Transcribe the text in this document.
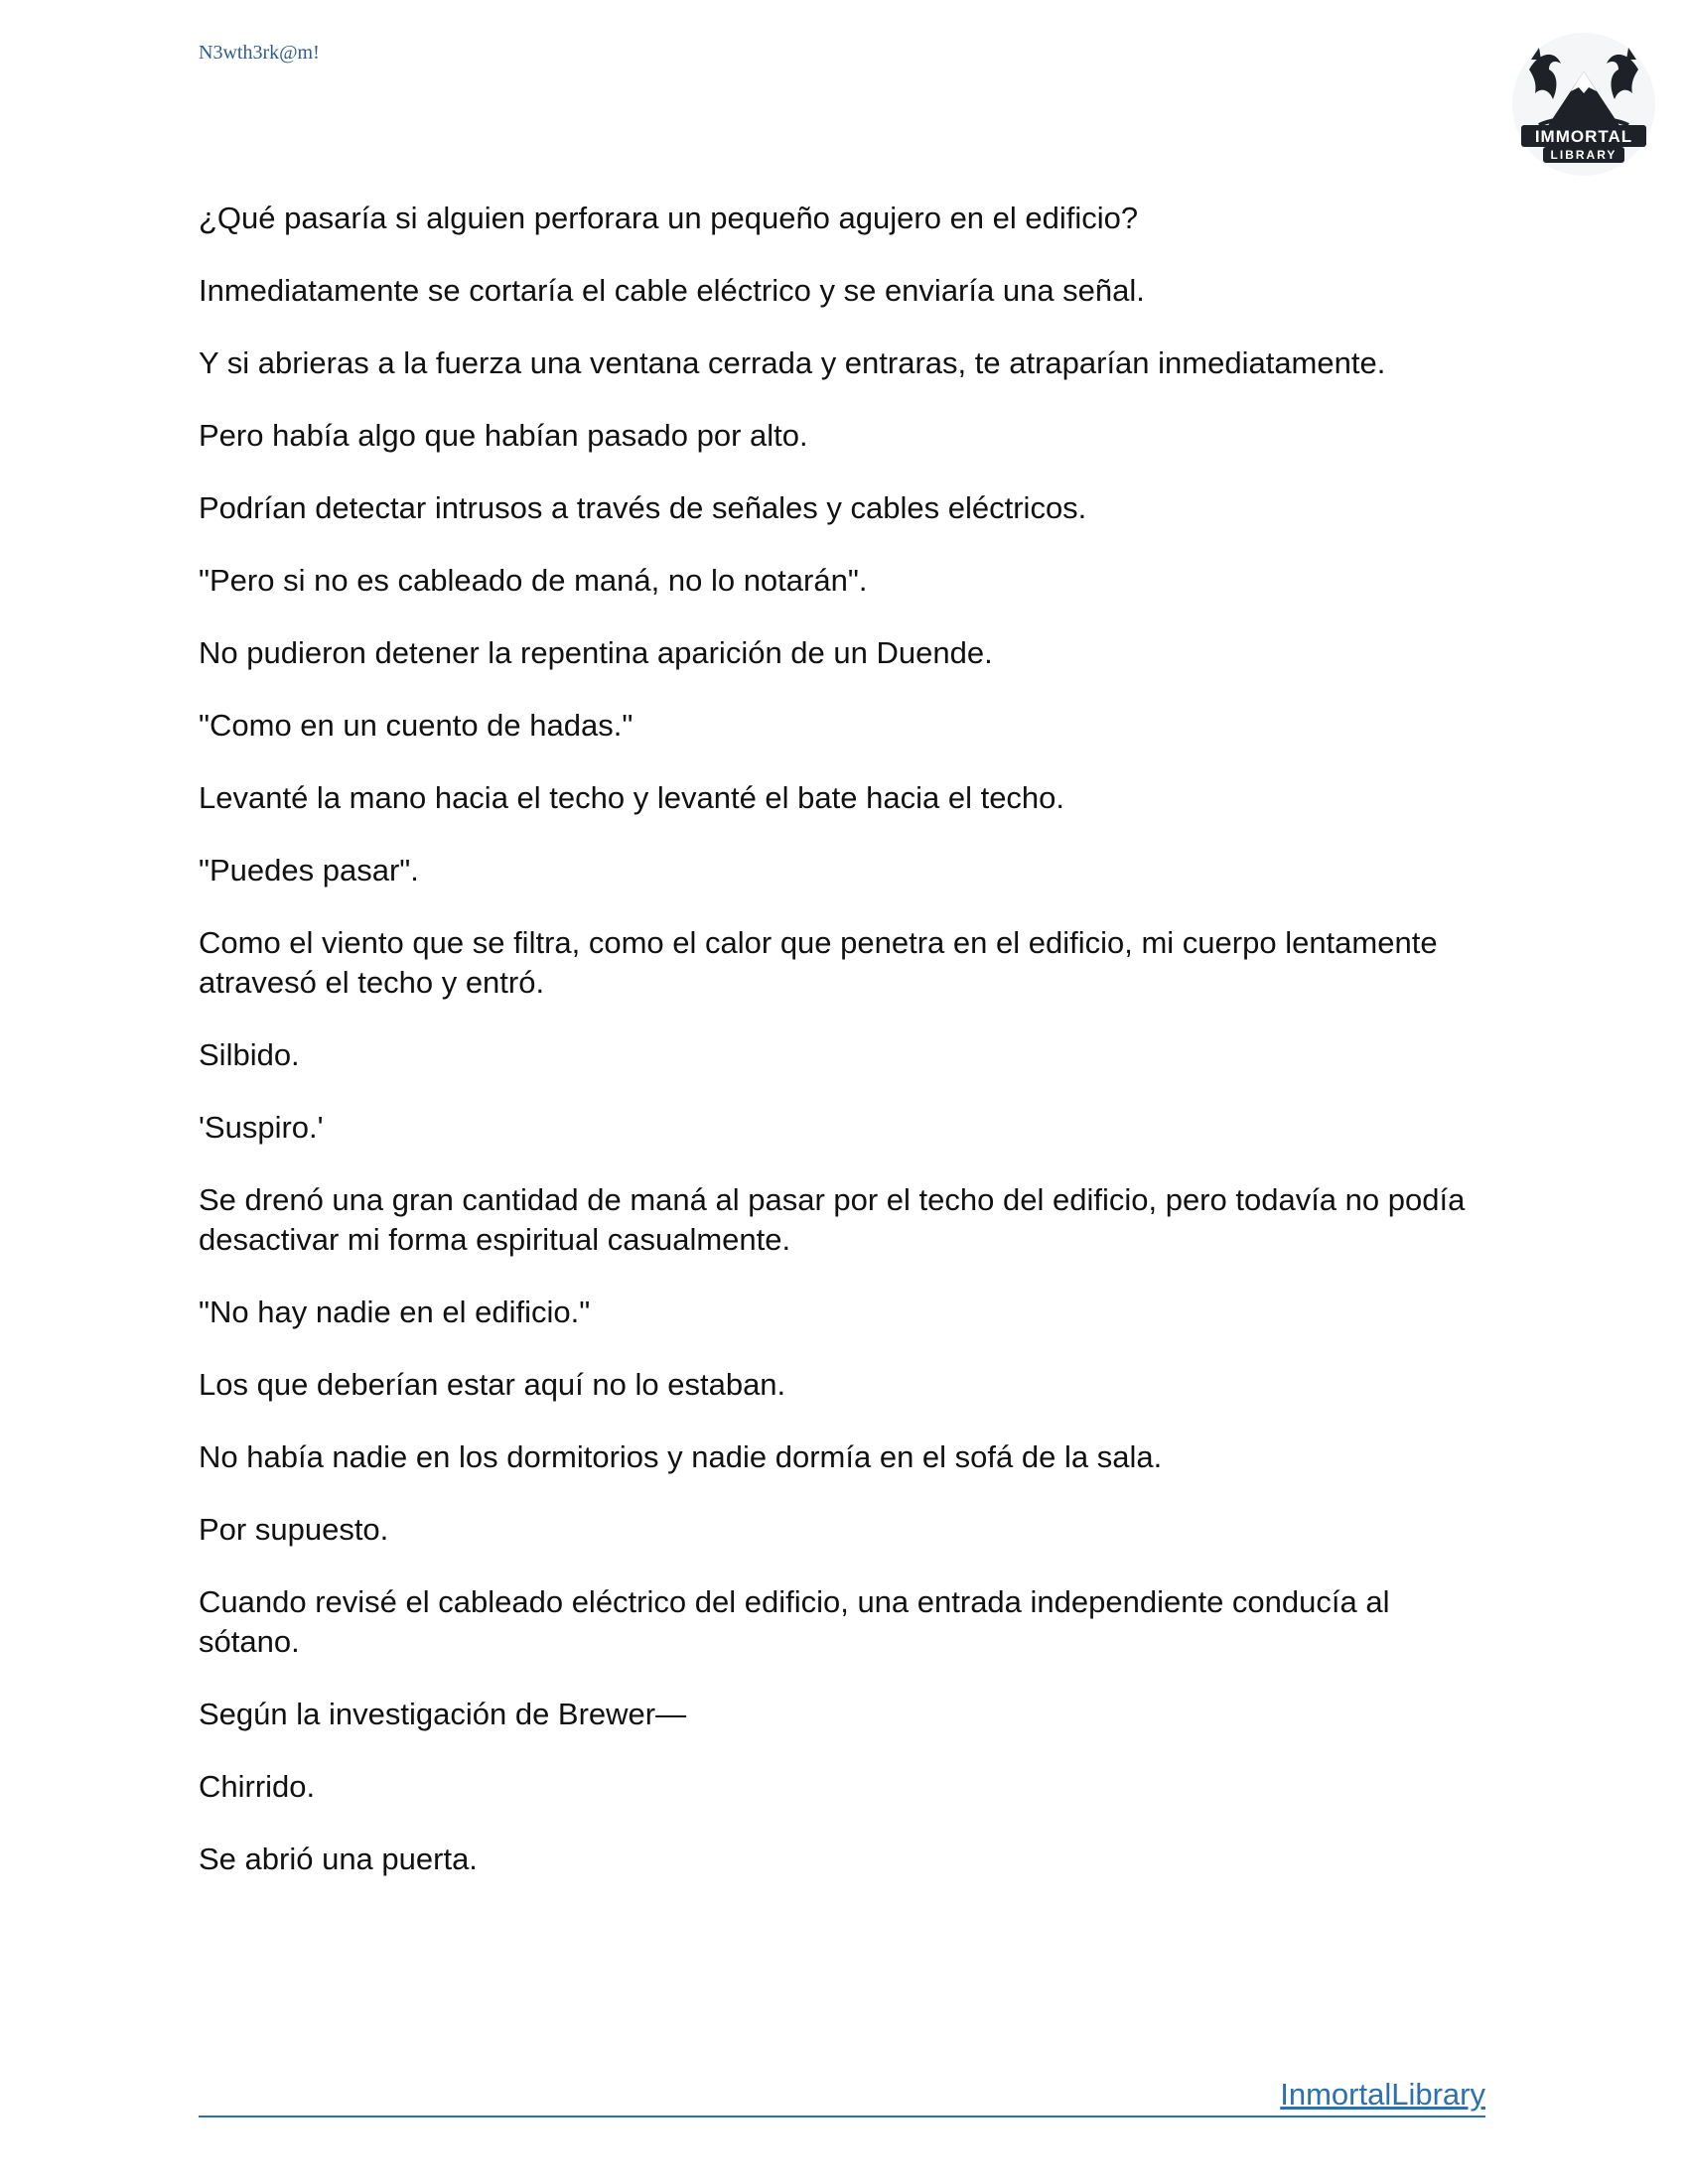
N3wth3rk@m!
IMMORTAL
LIBRARY

¿Qué pasaría si alguien perforara un pequeño agujero en el edificio?

Inmediatamente se cortaría el cable eléctrico y se enviaría una señal.

Y si abrieras a la fuerza una ventana cerrada y entraras, te atraparían inmediatamente.

Pero había algo que habían pasado por alto.

Podrían detectar intrusos a través de señales y cables eléctricos.

"Pero si no es cableado de maná, no lo notarán".

No pudieron detener la repentina aparición de un Duende.

"Como en un cuento de hadas."

Levanté la mano hacia el techo y levanté el bate hacia el techo.

"Puedes pasar".

Como el viento que se filtra, como el calor que penetra en el edificio, mi cuerpo lentamente atravesó el techo y entró.

Silbido.

'Suspiro.'

Se drenó una gran cantidad de maná al pasar por el techo del edificio, pero todavía no podía desactivar mi forma espiritual casualmente.

"No hay nadie en el edificio."

Los que deberían estar aquí no lo estaban.

No había nadie en los dormitorios y nadie dormía en el sofá de la sala.

Por supuesto.

Cuando revisé el cableado eléctrico del edificio, una entrada independiente conducía al sótano.

Según la investigación de Brewer—

Chirrido.

Se abrió una puerta.

InmortalLibrary
